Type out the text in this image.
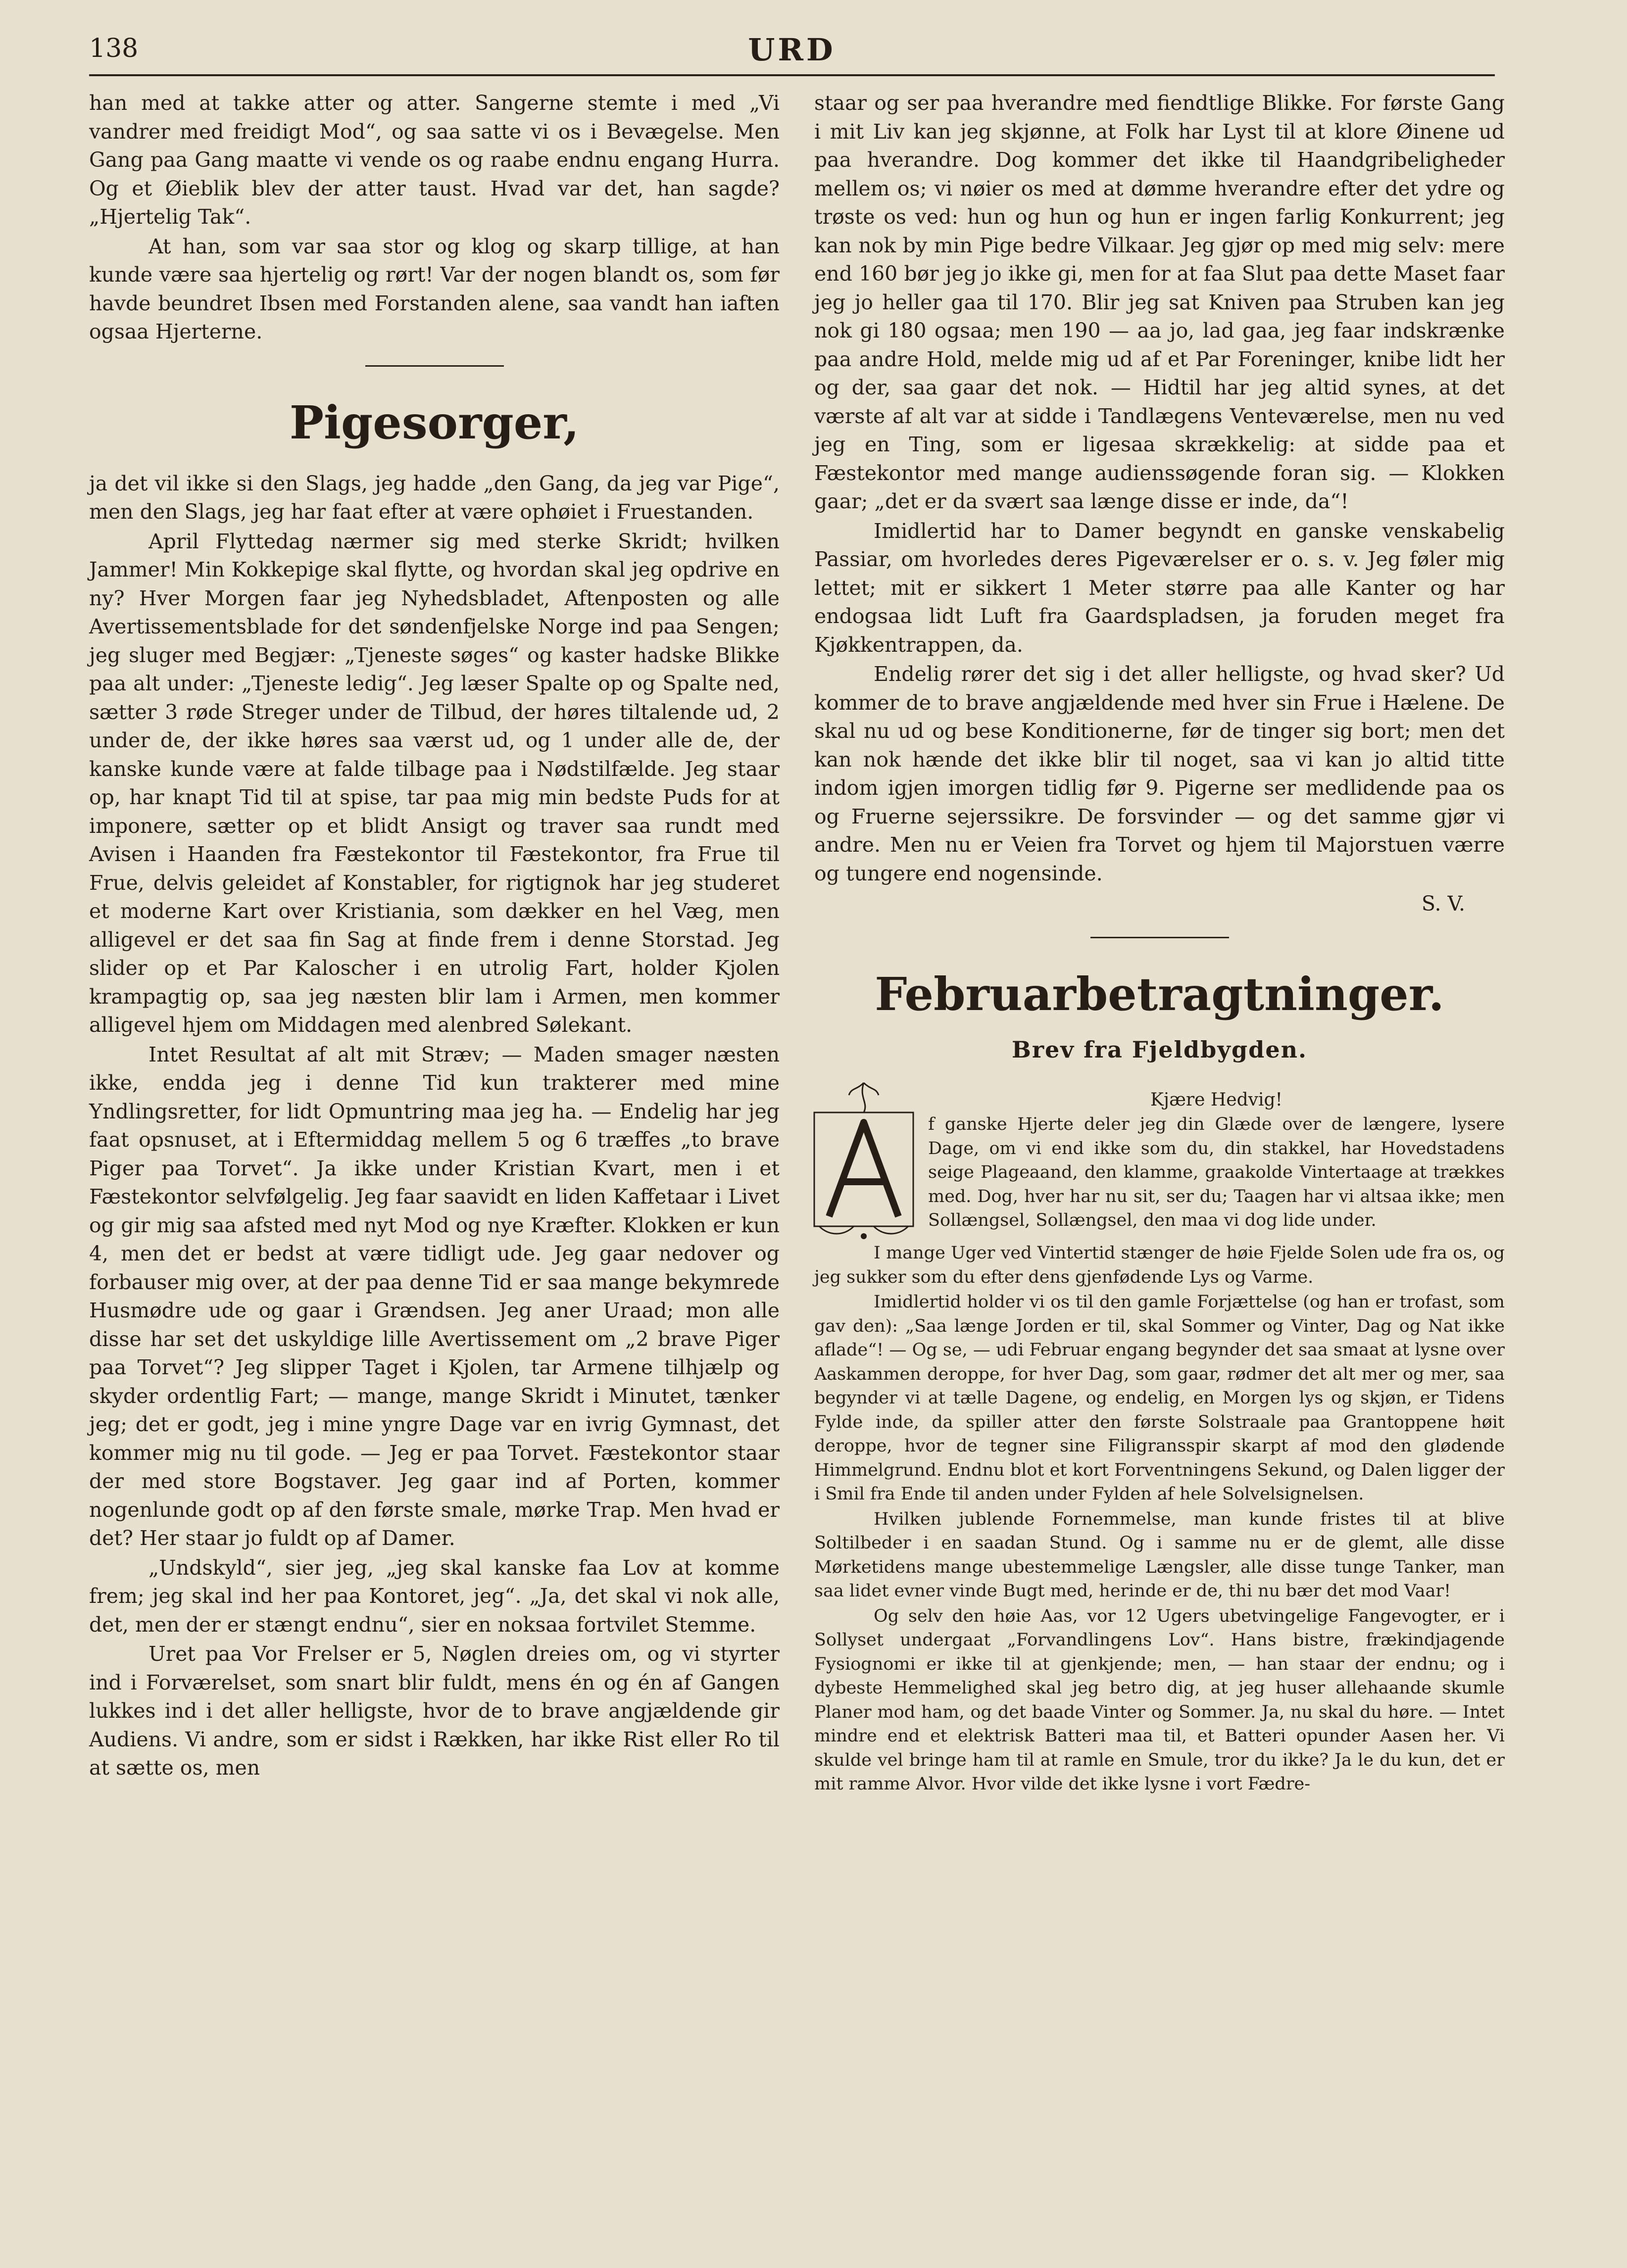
138	URD

han med at takke atter og atter. Sangerne stemte i med „Vi vandrer med freidigt Mod“, og saa satte vi os i Bevægelse. Men Gang paa Gang maatte vi vende os og raabe endnu engang Hurra. Og et Øieblik blev der atter taust. Hvad var det, han sagde? „Hjertelig Tak“.

At han, som var saa stor og klog og skarp tillige, at han kunde være saa hjertelig og rørt! Var der nogen blandt os, som før havde beundret Ibsen med Forstanden alene, saa vandt han iaften ogsaa Hjerterne.

Pigesorger,

ja det vil ikke si den Slags, jeg hadde „den Gang, da jeg var Pige“, men den Slags, jeg har faat efter at være ophøiet i Fruestanden.

April Flyttedag nærmer sig med sterke Skridt; hvilken Jammer! Min Kokkepige skal flytte, og hvordan skal jeg opdrive en ny? Hver Morgen faar jeg Nyhedsbladet, Aftenposten og alle Avertissementsblade for det søndenfjelske Norge ind paa Sengen; jeg sluger med Begjær: „Tjeneste søges“ og kaster hadske Blikke paa alt under: „Tjeneste ledig“. Jeg læser Spalte op og Spalte ned, sætter 3 røde Streger under de Tilbud, der høres tiltalende ud, 2 under de, der ikke høres saa værst ud, og 1 under alle de, der kanske kunde være at falde tilbage paa i Nødstilfælde. Jeg staar op, har knapt Tid til at spise, tar paa mig min bedste Puds for at imponere, sætter op et blidt Ansigt og traver saa rundt med Avisen i Haanden fra Fæstekontor til Fæstekontor, fra Frue til Frue, delvis geleidet af Konstabler, for rigtignok har jeg studeret et moderne Kart over Kristiania, som dækker en hel Væg, men alligevel er det saa fin Sag at finde frem i denne Storstad. Jeg slider op et Par Kaloscher i en utrolig Fart, holder Kjolen krampagtig op, saa jeg næsten blir lam i Armen, men kommer alligevel hjem om Middagen med alenbred Sølekant.

Intet Resultat af alt mit Stræv; — Maden smager næsten ikke, endda jeg i denne Tid kun trakterer med mine Yndlingsretter, for lidt Opmuntring maa jeg ha. — Endelig har jeg faat opsnuset, at i Eftermiddag mellem 5 og 6 træffes „to brave Piger paa Torvet“. Ja ikke under Kristian Kvart, men i et Fæstekontor selvfølgelig. Jeg faar saavidt en liden Kaffetaar i Livet og gir mig saa afsted med nyt Mod og nye Kræfter. Klokken er kun 4, men det er bedst at være tidligt ude. Jeg gaar nedover og forbauser mig over, at der paa denne Tid er saa mange bekymrede Husmødre ude og gaar i Grændsen. Jeg aner Uraad; mon alle disse har set det uskyldige lille Avertissement om „2 brave Piger paa Torvet“? Jeg slipper Taget i Kjolen, tar Armene tilhjælp og skyder ordentlig Fart; — mange, mange Skridt i Minutet, tænker jeg; det er godt, jeg i mine yngre Dage var en ivrig Gymnast, det kommer mig nu til gode. — Jeg er paa Torvet. Fæstekontor staar der med store Bogstaver. Jeg gaar ind af Porten, kommer nogenlunde godt op af den første smale, mørke Trap. Men hvad er det? Her staar jo fuldt op af Damer.

„Undskyld“, sier jeg, „jeg skal kanske faa Lov at komme frem; jeg skal ind her paa Kontoret, jeg“. „Ja, det skal vi nok alle, det, men der er stængt endnu“, sier en noksaa fortvilet Stemme.

Uret paa Vor Frelser er 5, Nøglen dreies om, og vi styrter ind i Forværelset, som snart blir fuldt, mens én og én af Gangen lukkes ind i det aller helligste, hvor de to brave angjældende gir Audiens. Vi andre, som er sidst i Rækken, har ikke Rist eller Ro til at sætte os, men

staar og ser paa hverandre med fiendtlige Blikke. For første Gang i mit Liv kan jeg skjønne, at Folk har Lyst til at klore Øinene ud paa hverandre. Dog kommer det ikke til Haandgribeligheder mellem os; vi nøier os med at dømme hverandre efter det ydre og trøste os ved: hun og hun og hun er ingen farlig Konkurrent; jeg kan nok by min Pige bedre Vilkaar. Jeg gjør op med mig selv: mere end 160 bør jeg jo ikke gi, men for at faa Slut paa dette Maset faar jeg jo heller gaa til 170. Blir jeg sat Kniven paa Struben kan jeg nok gi 180 ogsaa; men 190 — aa jo, lad gaa, jeg faar indskrænke paa andre Hold, melde mig ud af et Par Foreninger, knibe lidt her og der, saa gaar det nok. — Hidtil har jeg altid synes, at det værste af alt var at sidde i Tandlægens Venteværelse, men nu ved jeg en Ting, som er ligesaa skrækkelig: at sidde paa et Fæstekontor med mange audienssøgende foran sig. — Klokken gaar; „det er da svært saa længe disse er inde, da“!

Imidlertid har to Damer begyndt en ganske venskabelig Passiar, om hvorledes deres Pigeværelser er o. s. v. Jeg føler mig lettet; mit er sikkert 1 Meter større paa alle Kanter og har endogsaa lidt Luft fra Gaardspladsen, ja foruden meget fra Kjøkkentrappen, da.

Endelig rører det sig i det aller helligste, og hvad sker? Ud kommer de to brave angjældende med hver sin Frue i Hælene. De skal nu ud og bese Konditionerne, før de tinger sig bort; men det kan nok hænde det ikke blir til noget, saa vi kan jo altid titte indom igjen imorgen tidlig før 9. Pigerne ser medlidende paa os og Fruerne sejerssikre. De forsvinder — og det samme gjør vi andre. Men nu er Veien fra Torvet og hjem til Majorstuen værre og tungere end nogensinde.

S. V.
Februarbetragtninger.
Brev fra Fjeldbygden.
A
Kjære Hedvig!

f ganske Hjerte deler jeg din Glæde over de længere, lysere Dage, om vi end ikke som du, din stakkel, har Hovedstadens seige Plageaand, den klamme, graakolde Vintertaage at trækkes med. Dog, hver har nu sit, ser du; Taagen har vi altsaa ikke; men Sollængsel, Sollængsel, den maa vi dog lide under.

I mange Uger ved Vintertid stænger de høie Fjelde Solen ude fra os, og jeg sukker som du efter dens gjenfødende Lys og Varme.

Imidlertid holder vi os til den gamle Forjættelse (og han er trofast, som gav den): „Saa længe Jorden er til, skal Sommer og Vinter, Dag og Nat ikke aflade“! — Og se, — udi Februar engang begynder det saa smaat at lysne over Aaskammen deroppe, for hver Dag, som gaar, rødmer det alt mer og mer, saa begynder vi at tælle Dagene, og endelig, en Morgen lys og skjøn, er Tidens Fylde inde, da spiller atter den første Solstraale paa Grantoppene høit deroppe, hvor de tegner sine Filigransspir skarpt af mod den glødende Himmelgrund. Endnu blot et kort Forventningens Sekund, og Dalen ligger der i Smil fra Ende til anden under Fylden af hele Solvelsignelsen.

Hvilken jublende Fornemmelse, man kunde fristes til at blive Soltilbeder i en saadan Stund. Og i samme nu er de glemt, alle disse Mørketidens mange ubestemmelige Længsler, alle disse tunge Tanker, man saa lidet evner vinde Bugt med, herinde er de, thi nu bær det mod Vaar!

Og selv den høie Aas, vor 12 Ugers ubetvingelige Fangevogter, er i Sollyset undergaat „Forvandlingens Lov“. Hans bistre, frækindjagende Fysiognomi er ikke til at gjenkjende; men, — han staar der endnu; og i dybeste Hemmelighed skal jeg betro dig, at jeg huser allehaande skumle Planer mod ham, og det baade Vinter og Sommer. Ja, nu skal du høre. — Intet mindre end et elektrisk Batteri maa til, et Batteri opunder Aasen her. Vi skulde vel bringe ham til at ramle en Smule, tror du ikke? Ja le du kun, det er mit ramme Alvor. Hvor vilde det ikke lysne i vort Fædre-
